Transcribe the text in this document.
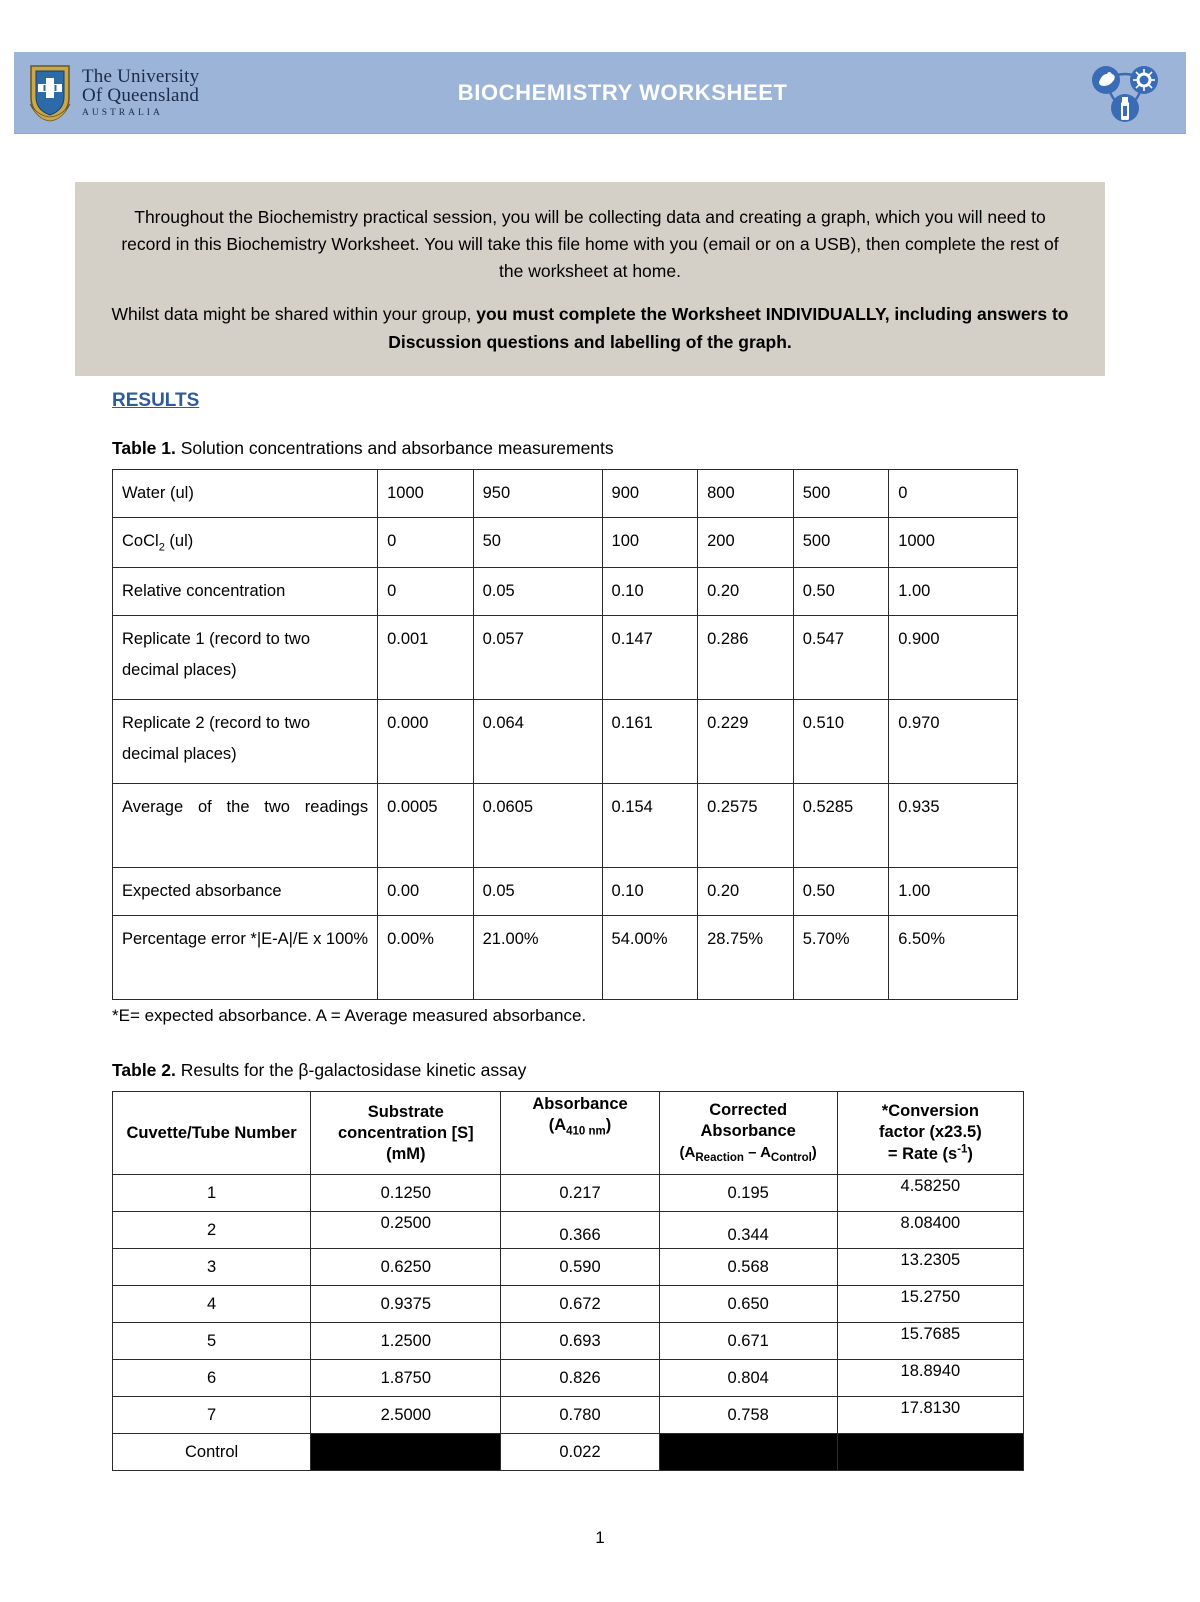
The University
Of Queensland
AUSTRALIA
BIOCHEMISTRY WORKSHEET

Throughout the Biochemistry practical session, you will be collecting data and creating a graph, which you will need to record in this Biochemistry Worksheet. You will take this file home with you (email or on a USB), then complete the rest of the worksheet at home.

Whilst data might be shared within your group, you must complete the Worksheet INDIVIDUALLY, including answers to Discussion questions and labelling of the graph.

RESULTS

Table 1. Solution concentrations and absorbance measurements

Water (ul)	1000	950	900	800	500	0
CoCl$_2$ (ul)	0	50	100	200	500	1000
Relative concentration	0	0.05	0.10	0.20	0.50	1.00
Replicate 1 (record to two decimal places)	0.001	0.057	0.147	0.286	0.547	0.900
Replicate 2 (record to two decimal places)	0.000	0.064	0.161	0.229	0.510	0.970
Average of the two readings	0.0005	0.0605	0.154	0.2575	0.5285	0.935
Expected absorbance	0.00	0.05	0.10	0.20	0.50	1.00
Percentage error *|E-A|/E x 100%	0.00%	21.00%	54.00%	28.75%	5.70%	6.50%

*E= expected absorbance. A = Average measured absorbance.

Table 2. Results for the β-galactosidase kinetic assay

Cuvette/Tube Number	Substrate
concentration [S]
(mM)	Absorbance
$(A_{410 nm})$	Corrected
Absorbance
$(A_{Reaction} - A_{Control})$	*Conversion
factor (x23.5)
= Rate $(s^{-1})$
1	0.1250	0.217	0.195	4.58250
2	0.2500	0.366	0.344	8.08400
3	0.6250	0.590	0.568	13.2305
4	0.9375	0.672	0.650	15.2750
5	1.2500	0.693	0.671	15.7685
6	1.8750	0.826	0.804	18.8940
7	2.5000	0.780	0.758	17.8130
Control		0.022		
1
